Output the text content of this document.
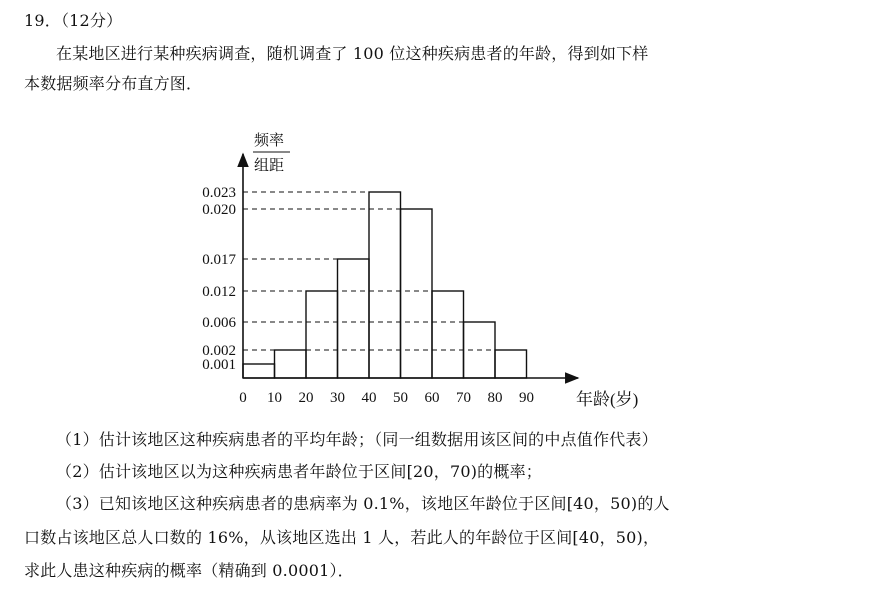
19．（12分）
在某地区进行某种疾病调查，随机调查了 100 位这种疾病患者的年龄，得到如下样
本数据频率分布直方图．
0.001
0.002
0.006
0.012
0.017
0.020
0.023
0 10 20 30 40 50 60 70 80 90
频率
组距
年龄(岁)
（1）估计该地区这种疾病患者的平均年龄；（同一组数据用该区间的中点值作代表）
（2）估计该地区以为这种疾病患者年龄位于区间[20，70)的概率；
（3）已知该地区这种疾病患者的患病率为 0.1%，该地区年龄位于区间[40，50)的人
口数占该地区总人口数的 16%，从该地区选出 1 人，若此人的年龄位于区间[40，50)，
求此人患这种疾病的概率（精确到 0.0001）．
